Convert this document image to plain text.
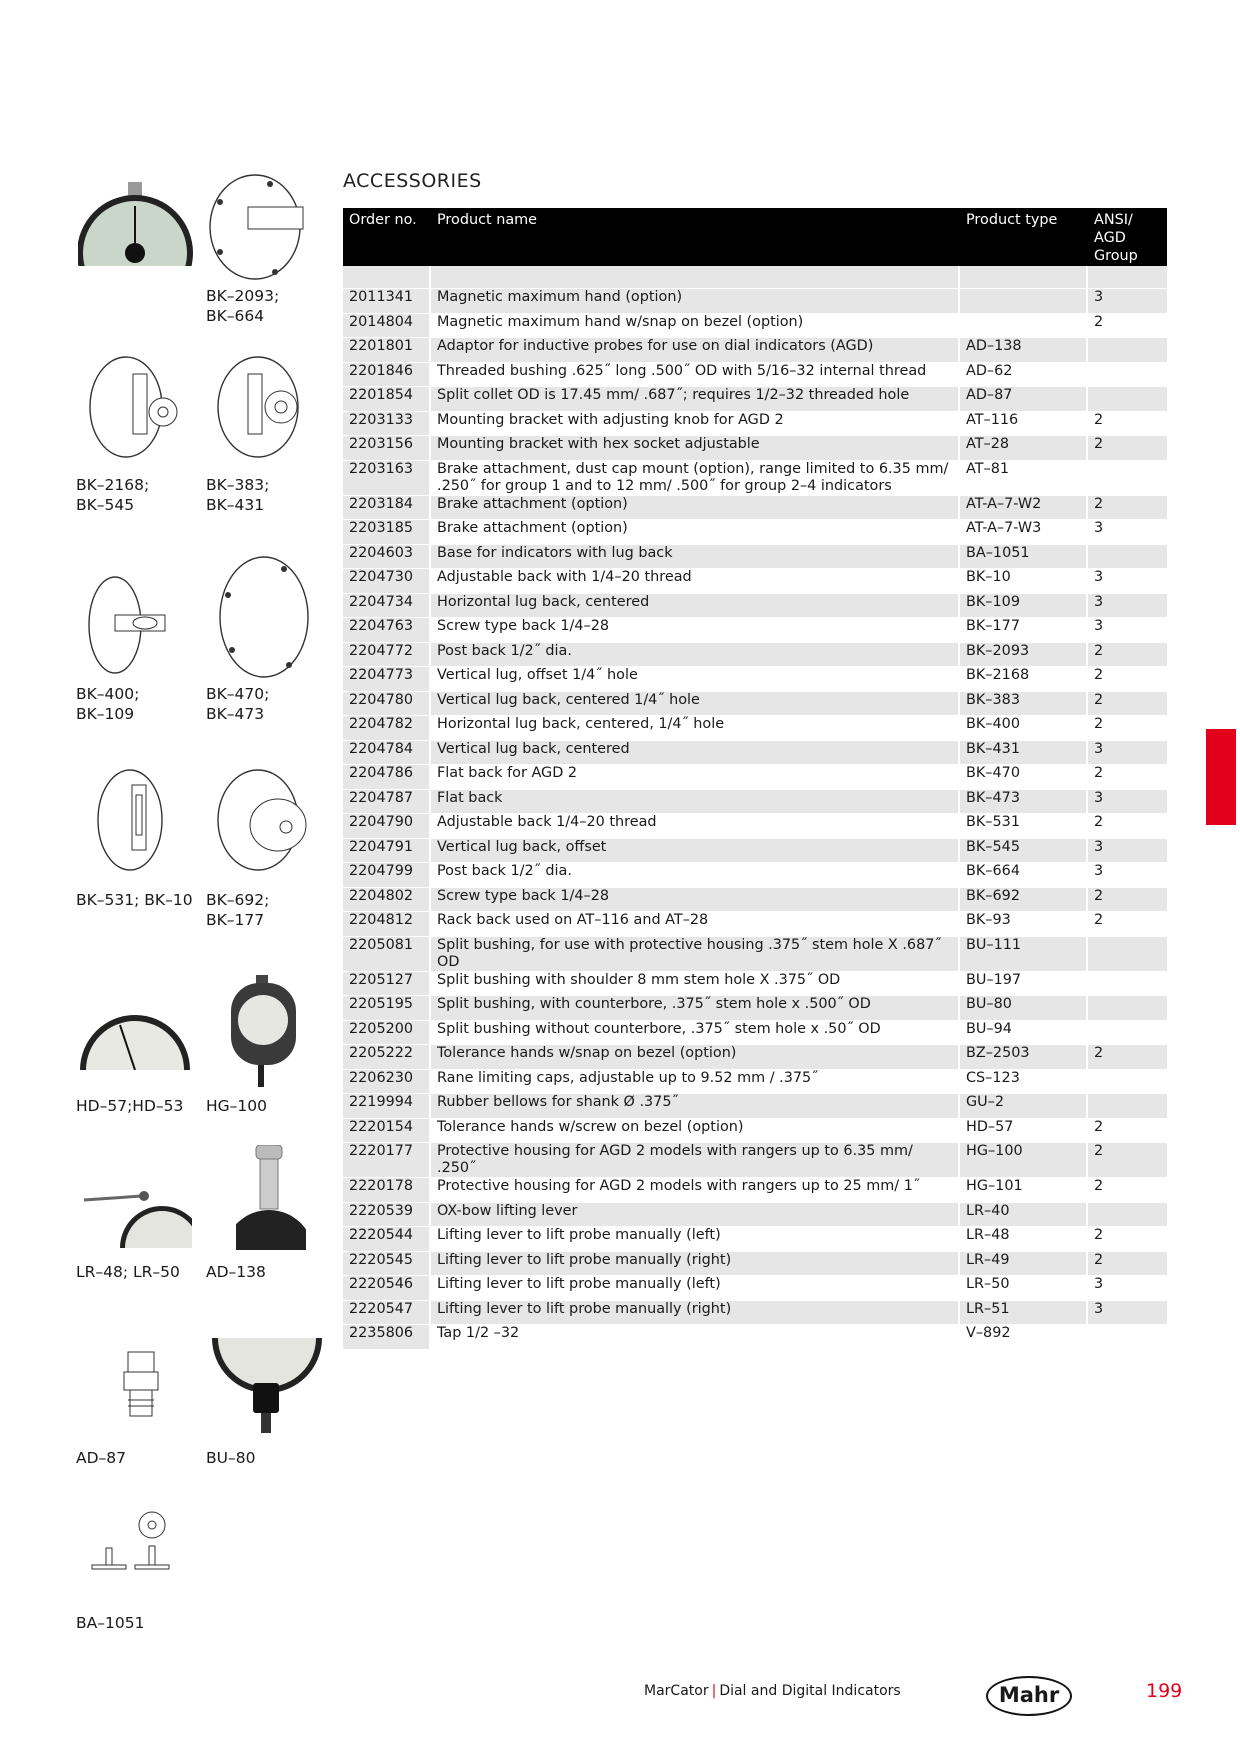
ACCESSORIES
Order no.	Product name	Product type	ANSI/
AGD
Group

2011341	Magnetic maximum hand (option)		3
2014804	Magnetic maximum hand w/snap on bezel (option)		2
2201801	Adaptor for inductive probes for use on dial indicators (AGD)	AD–138	
2201846	Threaded bushing .625˝ long .500˝ OD with 5/16–32 internal thread	AD–62	
2201854	Split collet OD is 17.45 mm/ .687˝; requires 1/2–32 threaded hole	AD–87	
2203133	Mounting bracket with adjusting knob for AGD 2	AT–116	2
2203156	Mounting bracket with hex socket adjustable	AT–28	2
2203163	Brake attachment, dust cap mount (option), range limited to 6.35 mm/ .250˝ for group 1 and to 12 mm/ .500˝ for group 2–4 indicators	AT–81	
2203184	Brake attachment (option)	AT-A–7-W2	2
2203185	Brake attachment (option)	AT-A–7-W3	3
2204603	Base for indicators with lug back	BA–1051	
2204730	Adjustable back with 1/4–20 thread	BK–10	3
2204734	Horizontal lug back, centered	BK–109	3
2204763	Screw type back 1/4–28	BK–177	3
2204772	Post back 1/2˝ dia.	BK–2093	2
2204773	Vertical lug, offset 1/4˝ hole	BK–2168	2
2204780	Vertical lug back, centered 1/4˝ hole	BK–383	2
2204782	Horizontal lug back, centered, 1/4˝ hole	BK–400	2
2204784	Vertical lug back, centered	BK–431	3
2204786	Flat back for AGD 2	BK–470	2
2204787	Flat back	BK–473	3
2204790	Adjustable back 1/4–20 thread	BK–531	2
2204791	Vertical lug back, offset	BK–545	3
2204799	Post back 1/2˝ dia.	BK–664	3
2204802	Screw type back 1/4–28	BK–692	2
2204812	Rack back used on AT–116 and AT–28	BK–93	2
2205081	Split bushing, for use with protective housing .375˝ stem hole X .687˝ OD	BU–111	
2205127	Split bushing with shoulder 8 mm stem hole X .375˝ OD	BU–197	
2205195	Split bushing, with counterbore, .375˝ stem hole x .500˝ OD	BU–80	
2205200	Split bushing without counterbore, .375˝ stem hole x .50˝ OD	BU–94	
2205222	Tolerance hands w/snap on bezel (option)	BZ–2503	2
2206230	Rane limiting caps, adjustable up to 9.52 mm / .375˝	CS–123	
2219994	Rubber bellows for shank Ø .375˝	GU–2	
2220154	Tolerance hands w/screw on bezel (option)	HD–57	2
2220177	Protective housing for AGD 2 models with rangers up to 6.35 mm/ .250˝	HG–100	2
2220178	Protective housing for AGD 2 models with rangers up to 25 mm/ 1˝	HG–101	2
2220539	OX-bow lifting lever	LR–40	
2220544	Lifting lever to lift probe manually (left)	LR–48	2
2220545	Lifting lever to lift probe manually (right)	LR–49	2
2220546	Lifting lever to lift probe manually (left)	LR–50	3
2220547	Lifting lever to lift probe manually (right)	LR–51	3
2235806	Tap 1/2 –32	V–892	
BK–2093;
BK–664
BK–2168;
BK–545
BK–383;
BK–431
BK–400;
BK–109
BK–470;
BK–473
BK–531; BK–10 BK–692;
BK–177
HD–57;HD–53 HG–100
LR–48; LR–50 AD–138
AD–87	BU–80
BA–1051
MarCator | Dial and Digital Indicators	Mahr	199
